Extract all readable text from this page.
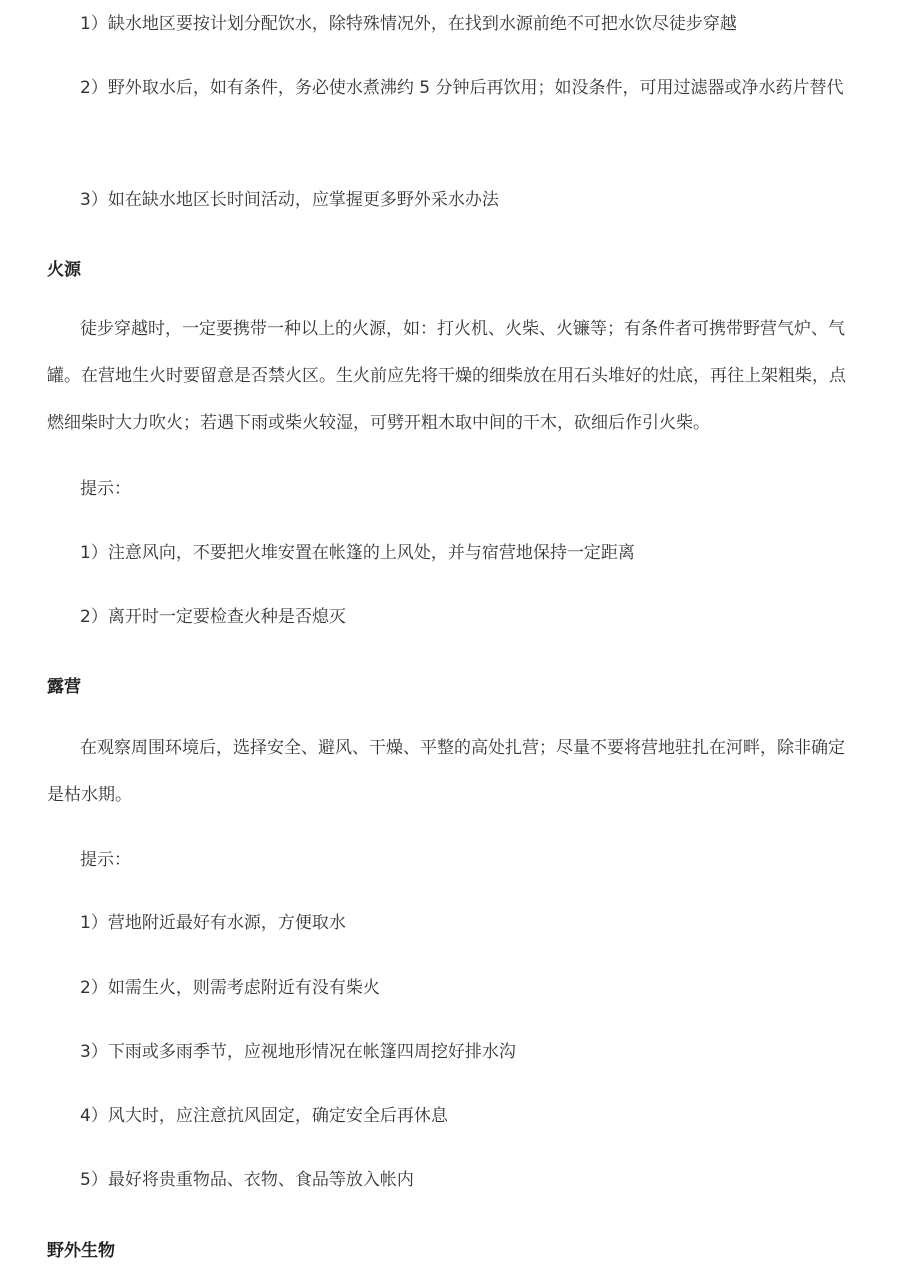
1）缺水地区要按计划分配饮水，除特殊情况外，在找到水源前绝不可把水饮尽徒步穿越

2）野外取水后，如有条件，务必使水煮沸约 5 分钟后再饮用；如没条件，可用过滤器或净水药片替代

3）如在缺水地区长时间活动，应掌握更多野外采水办法

火源

徒步穿越时，一定要携带一种以上的火源，如：打火机、火柴、火镰等；有条件者可携带野营气炉、气罐。在营地生火时要留意是否禁火区。生火前应先将干燥的细柴放在用石头堆好的灶底，再往上架粗柴，点燃细柴时大力吹火；若遇下雨或柴火较湿，可劈开粗木取中间的干木，砍细后作引火柴。

提示：

1）注意风向，不要把火堆安置在帐篷的上风处，并与宿营地保持一定距离

2）离开时一定要检查火种是否熄灭

露营

在观察周围环境后，选择安全、避风、干燥、平整的高处扎营；尽量不要将营地驻扎在河畔，除非确定是枯水期。

提示：

1）营地附近最好有水源，方便取水

2）如需生火，则需考虑附近有没有柴火

3）下雨或多雨季节，应视地形情况在帐篷四周挖好排水沟

4）风大时，应注意抗风固定，确定安全后再休息

5）最好将贵重物品、衣物、食品等放入帐内

野外生物
